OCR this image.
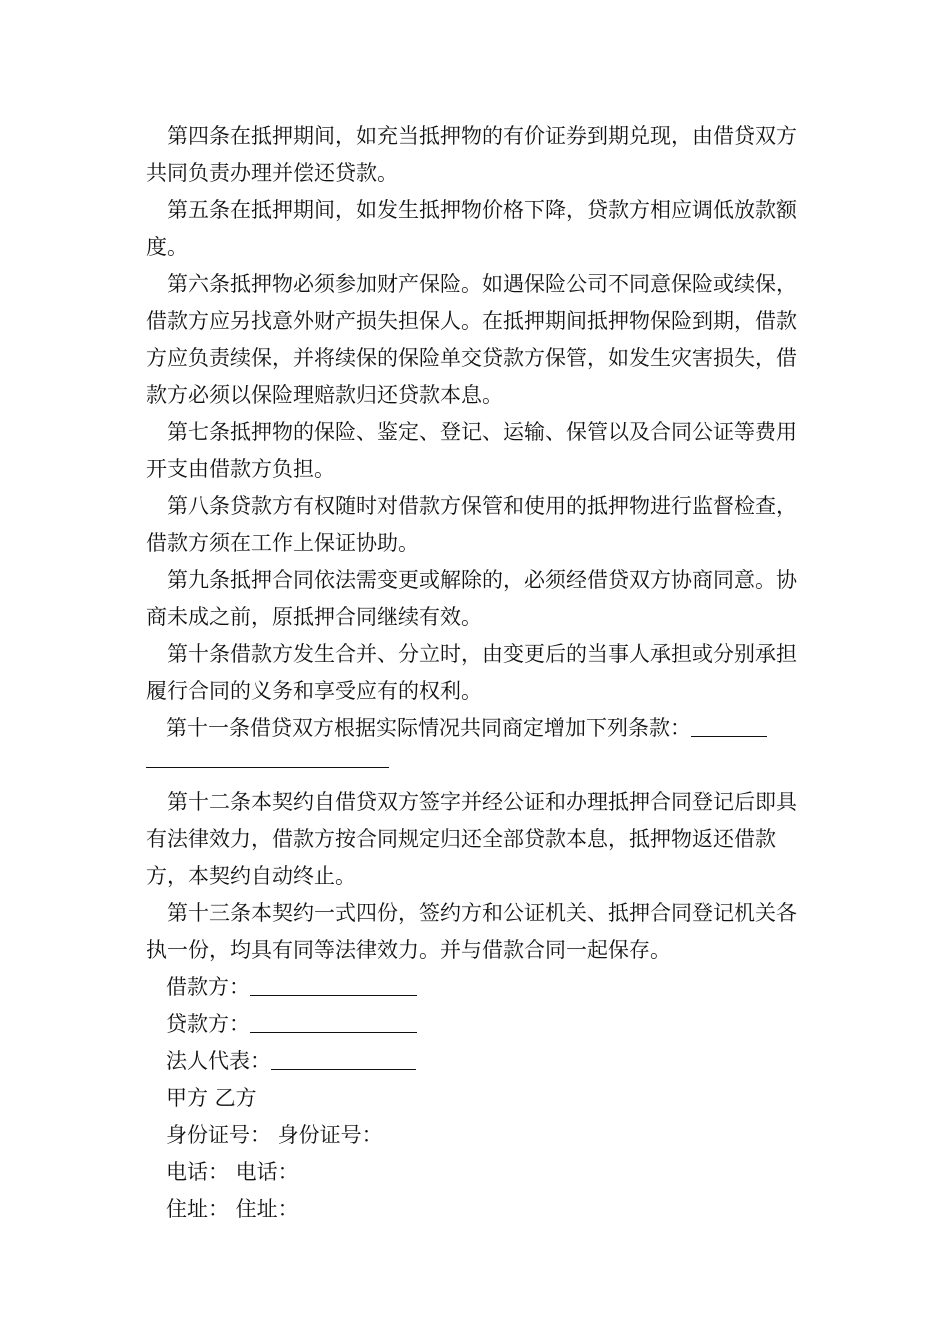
第四条在抵押期间，如充当抵押物的有价证券到期兑现，由借贷双方共同负责办理并偿还贷款。

第五条在抵押期间，如发生抵押物价格下降，贷款方相应调低放款额度。

第六条抵押物必须参加财产保险。如遇保险公司不同意保险或续保，借款方应另找意外财产损失担保人。在抵押期间抵押物保险到期，借款方应负责续保，并将续保的保险单交贷款方保管，如发生灾害损失，借款方必须以保险理赔款归还贷款本息。

第七条抵押物的保险、鉴定、登记、运输、保管以及合同公证等费用开支由借款方负担。

第八条贷款方有权随时对借款方保管和使用的抵押物进行监督检查，借款方须在工作上保证协助。

第九条抵押合同依法需变更或解除的，必须经借贷双方协商同意。协商未成之前，原抵押合同继续有效。

第十条借款方发生合并、分立时，由变更后的当事人承担或分别承担履行合同的义务和享受应有的权利。

第十一条借贷双方根据实际情况共同商定增加下列条款：

第十二条本契约自借贷双方签字并经公证和办理抵押合同登记后即具有法律效力，借款方按合同规定归还全部贷款本息，抵押物返还借款方，本契约自动终止。

第十三条本契约一式四份，签约方和公证机关、抵押合同登记机关各执一份，均具有同等法律效力。并与借款合同一起保存。

借款方：

贷款方：

法人代表：

甲方 乙方

身份证号： 身份证号：

电话： 电话：

住址： 住址：
